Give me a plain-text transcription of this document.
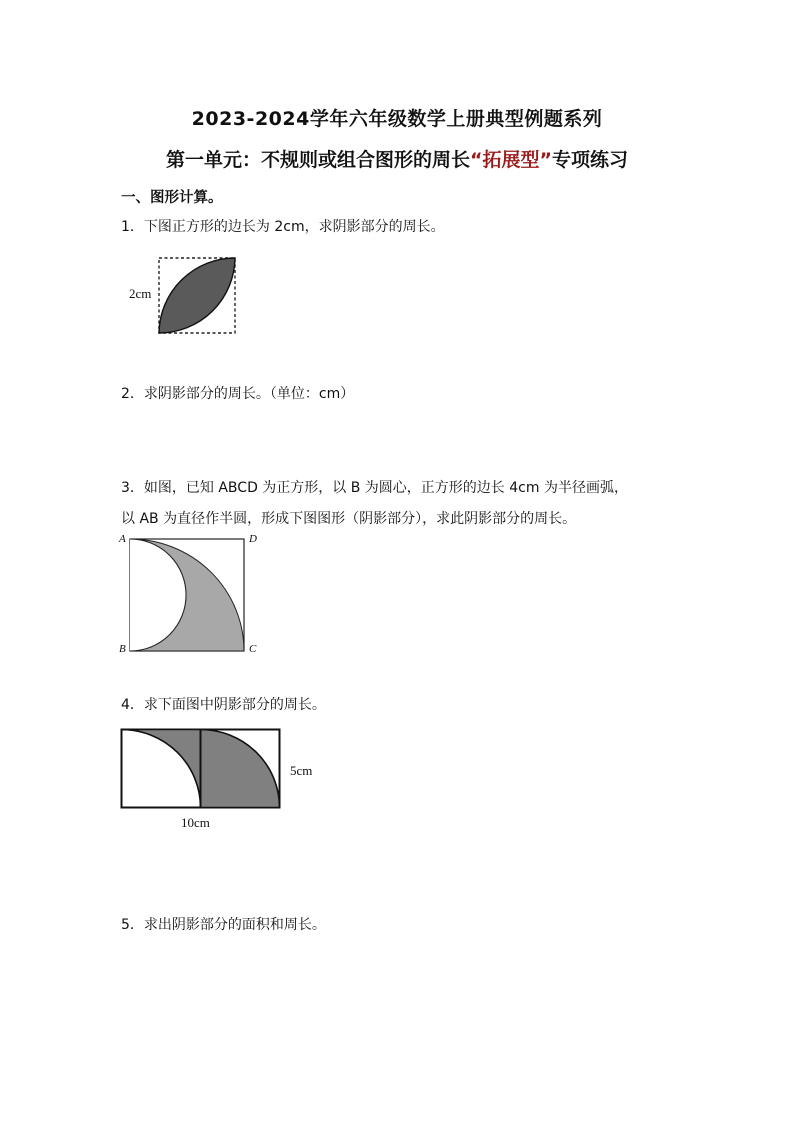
2023-2024学年六年级数学上册典型例题系列
第一单元：不规则或组合图形的周长“拓展型”专项练习
一、图形计算。
1．下图正方形的边长为 2cm，求阴影部分的周长。
2cm
2．求阴影部分的周长。（单位：cm）
3．如图，已知 ABCD 为正方形，以 B 为圆心，正方形的边长 4cm 为半径画弧，
以 AB 为直径作半圆，形成下图图形（阴影部分），求此阴影部分的周长。
A	D
B	C
4．求下面图中阴影部分的周长。
5cm
10cm
5．求出阴影部分的面积和周长。
